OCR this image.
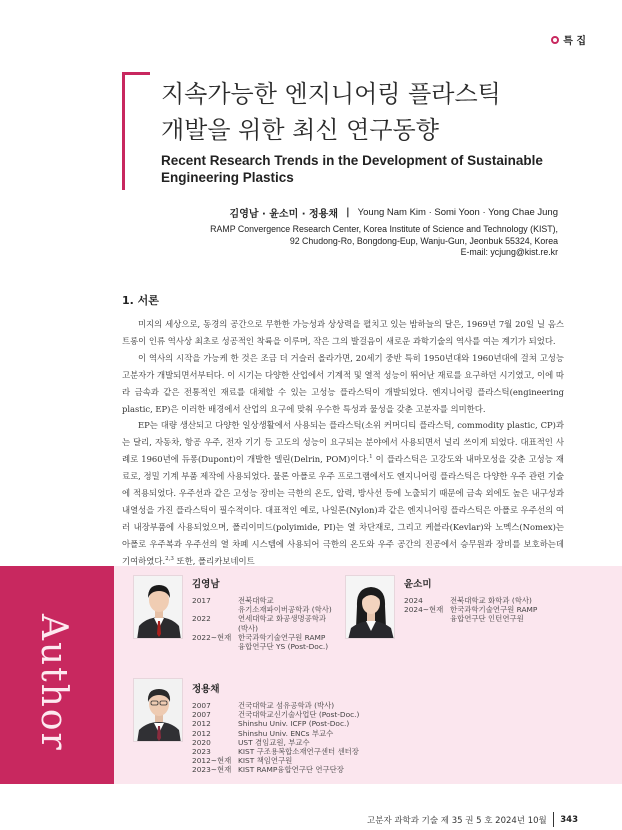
특 집
지속가능한 엔지니어링 플라스틱
개발을 위한 최신 연구동향
Recent Research Trends in the Development of Sustainable
Engineering Plastics
김영남 · 윤소미 · 정용채 | Young Nam Kim · Somi Yoon · Yong Chae Jung
RAMP Convergence Research Center, Korea Institute of Science and Technology (KIST),
92 Chudong-Ro, Bongdong-Eup, Wanju-Gun, Jeonbuk 55324, Korea
E-mail: ycjung@kist.re.kr
1. 서론

미지의 세상으로, 동경의 공간으로 무한한 가능성과 상상력을 펼치고 있는 밤하늘의 달은, 1969년 7월 20일 닐 옴스트롱이 인류 역사상 최초로 성공적인 착륙을 이루며, 작은 그의 발걸음이 새로운 과학기술의 역사를 여는 계기가 되었다.

이 역사의 시작을 가능케 한 것은 조금 더 거슬러 올라가면, 20세기 중반 특히 1950년대와 1960년대에 걸쳐 고성능 고분자가 개발되면서부터다. 이 시기는 다양한 산업에서 기계적 및 열적 성능이 뛰어난 재료를 요구하던 시기였고, 이에 따라 금속과 같은 전통적인 재료를 대체할 수 있는 고성능 플라스틱이 개발되었다. 엔지니어링 플라스틱(engineering plastic, EP)은 이러한 배경에서 산업의 요구에 맞춰 우수한 특성과 물성을 갖춘 고분자를 의미한다.

EP는 대량 생산되고 다양한 일상생활에서 사용되는 플라스틱(소위 커머디티 플라스틱, commodity plastic, CP)과는 달리, 자동차, 항공 우주, 전자 기기 등 고도의 성능이 요구되는 분야에서 사용되면서 널리 쓰이게 되었다. 대표적인 사례로 1960년에 듀퐁(Dupont)이 개발한 델린(Delrin, POM)이다.$^1$ 이 플라스틱은 고강도와 내마모성을 갖춘 고성능 재료로, 정밀 기계 부품 제작에 사용되었다. 물론 아폴로 우주 프로그램에서도 엔지니어링 플라스틱은 다양한 우주 관련 기술에 적용되었다. 우주선과 같은 고성능 장비는 극한의 온도, 압력, 방사선 등에 노출되기 때문에 금속 외에도 높은 내구성과 내열성을 가진 플라스틱이 필수적이다. 대표적인 예로, 나일론(Nylon)과 같은 엔지니어링 플라스틱은 아폴로 우주선의 여러 내장부품에 사용되었으며, 폴리이미드(polyimide, PI)는 열 차단재로, 그리고 케블라(Kevlar)와 노멕스(Nomex)는 아폴로 우주복과 우주선의 열 차폐 시스템에 사용되어 극한의 온도와 우주 공간의 진공에서 승무원과 장비를 보호하는데 기여하였다.$^{2,3}$ 또한, 폴리카보네이트

Author
김영남
2017	전북대학교
유기소재파이버공학과 (학사)
2022	연세대학교 화공생명공학과
(박사)
2022~현재 한국과학기술연구원 RAMP
융합연구단 YS (Post-Doc.)
윤소미
2024	전북대학교 화학과 (학사)
2024~현재 한국과학기술연구원 RAMP
융합연구단 인턴연구원
정용채
2007	건국대학교 섬유공학과 (박사)
2007	건국대학교신기술사업단 (Post-Doc.)
2012	Shinshu Univ. ICFP (Post-Doc.)
2012	Shinshu Univ. ENCs 부교수
2020	UST 겸임교원, 부교수
2023	KIST 구조용복합소재연구센터 센터장
2012~현재 KIST 책임연구원
2023~현재 KIST RAMP융합연구단 연구단장
고분자 과학과 기술 제 35 권 5 호 2024년 10월 343
